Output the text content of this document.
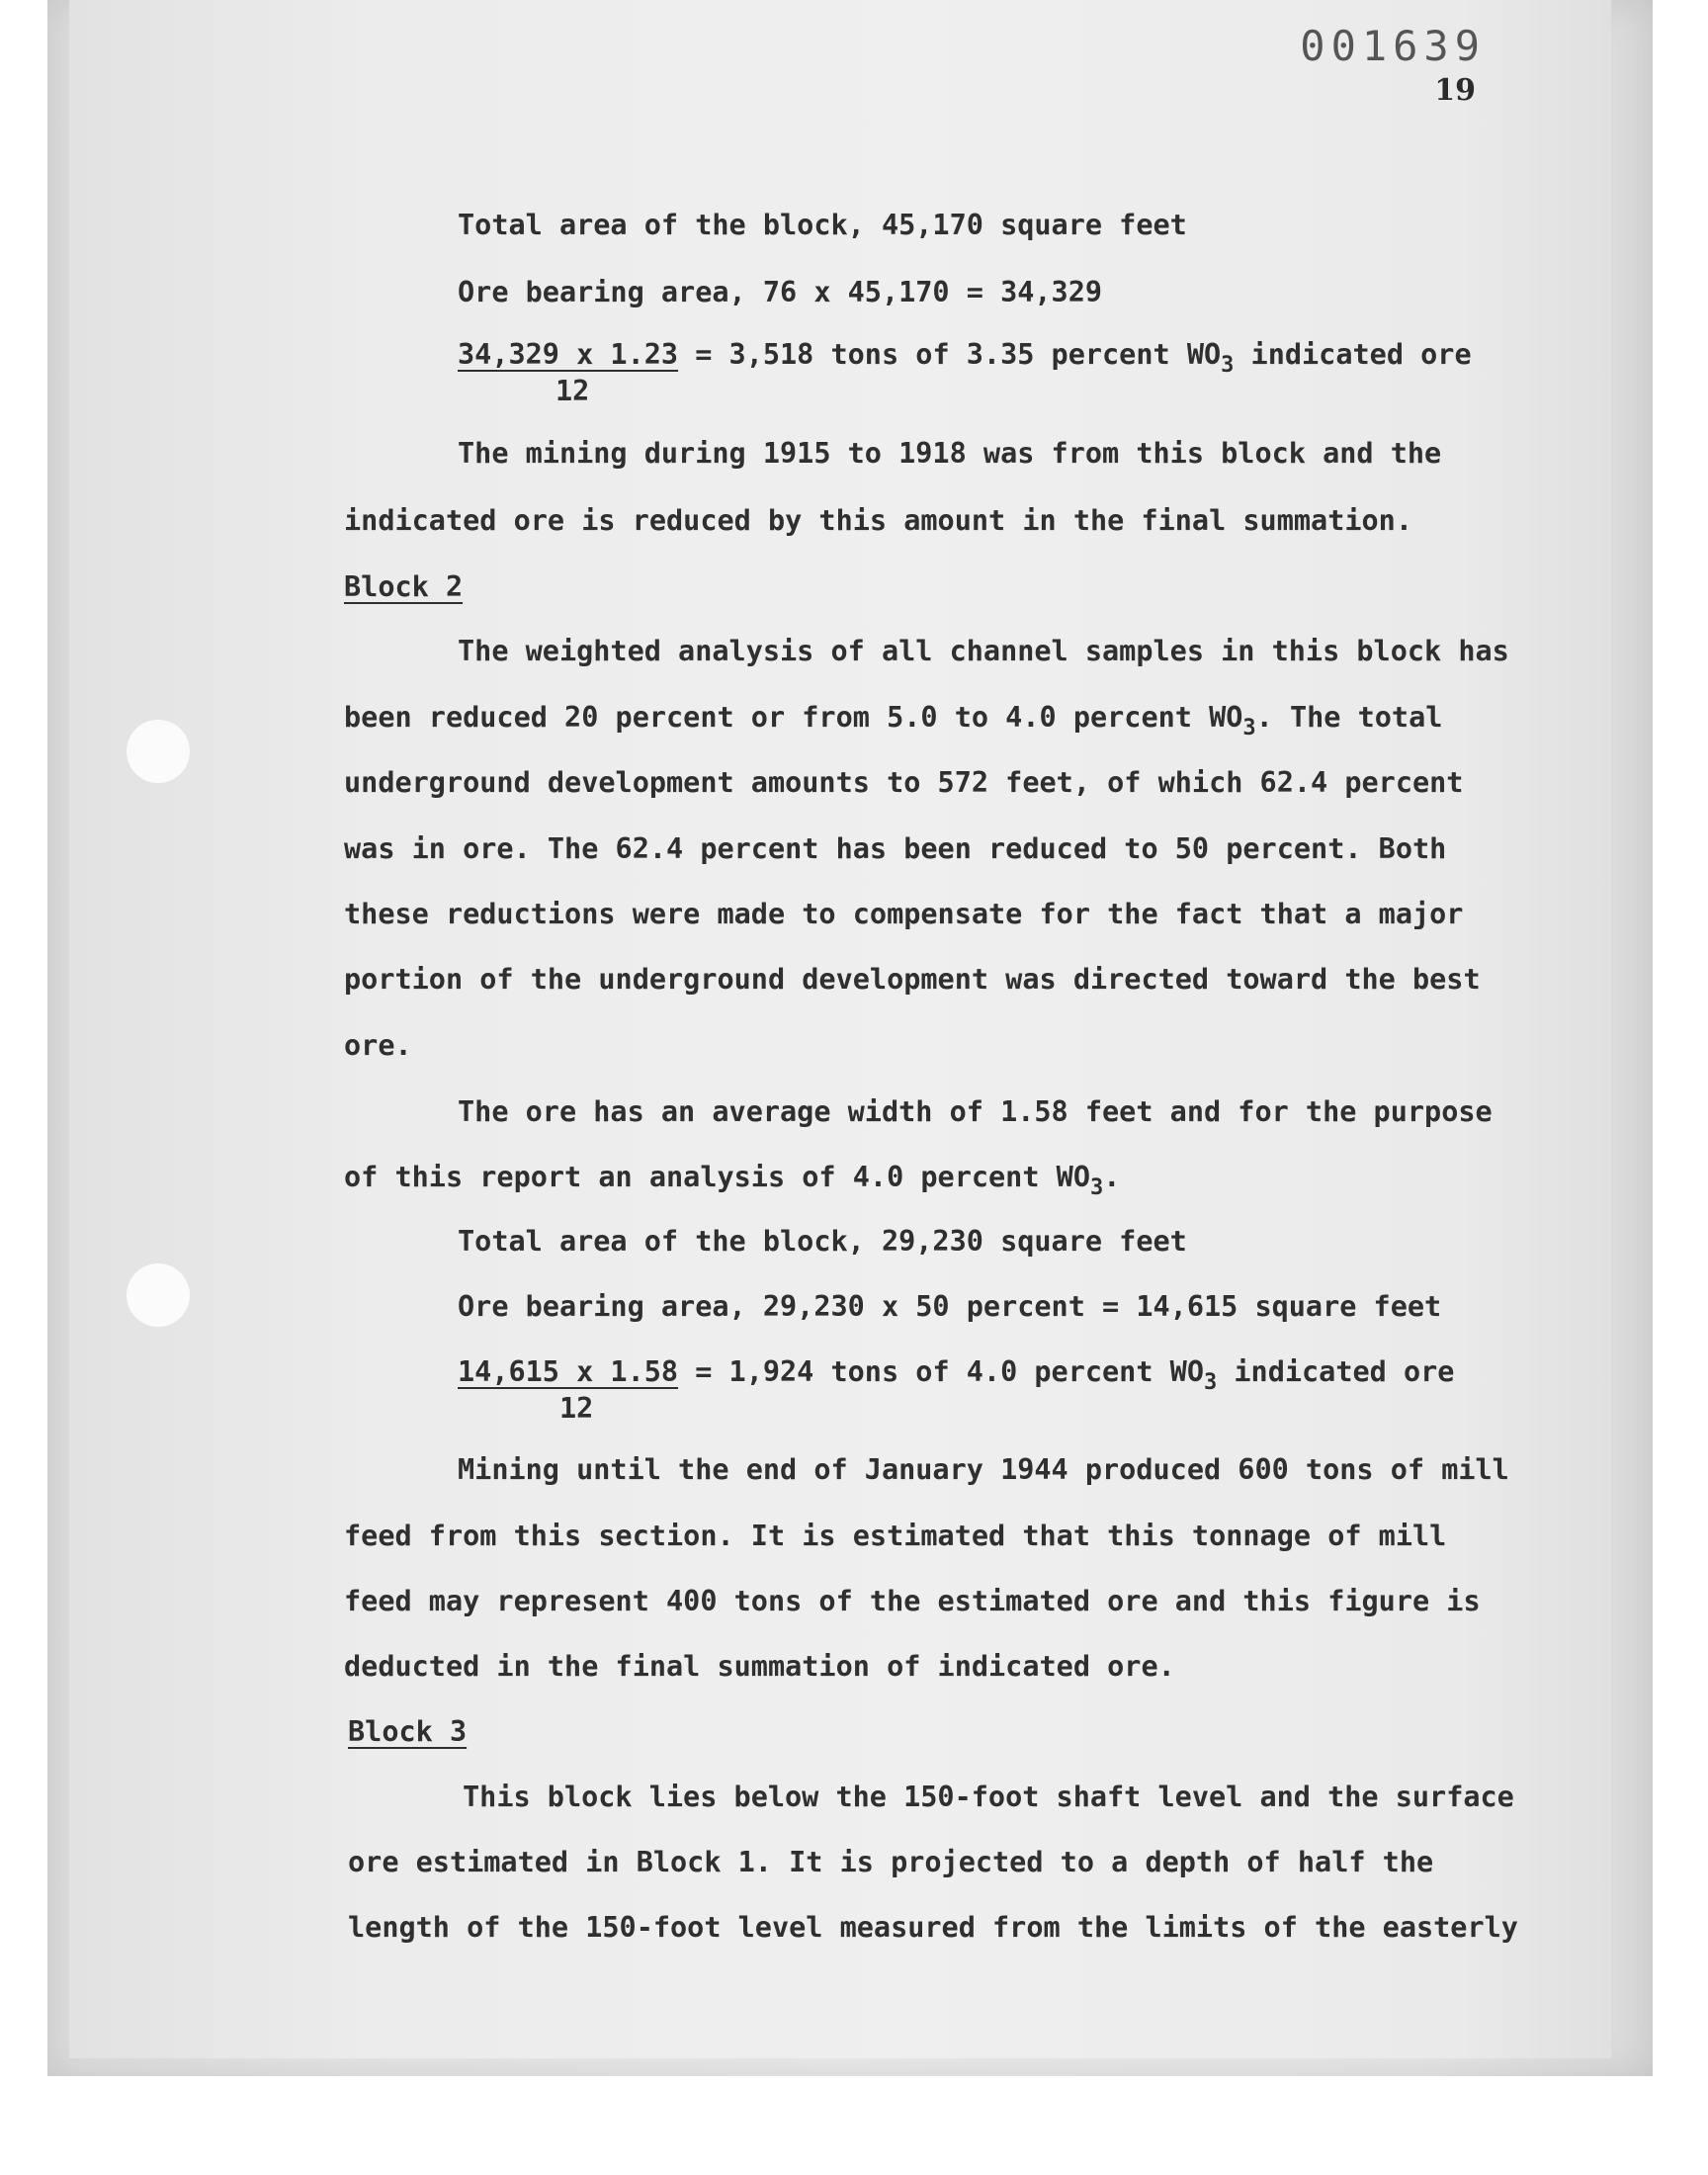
001639
19
Total area of the block, 45,170 square feet
Ore bearing area, 76 x 45,170 = 34,329
34,329 x 1.23 = 3,518 tons of 3.35 percent $WO_3$ indicated ore
12
The mining during 1915 to 1918 was from this block and the
indicated ore is reduced by this amount in the final summation.
Block 2
The weighted analysis of all channel samples in this block has
been reduced 20 percent or from 5.0 to 4.0 percent $WO_3$. The total
underground development amounts to 572 feet, of which 62.4 percent
was in ore. The 62.4 percent has been reduced to 50 percent. Both
these reductions were made to compensate for the fact that a major
portion of the underground development was directed toward the best
ore.
The ore has an average width of 1.58 feet and for the purpose
of this report an analysis of 4.0 percent $WO_3$.
Total area of the block, 29,230 square feet
Ore bearing area, 29,230 x 50 percent = 14,615 square feet
14,615 x 1.58 = 1,924 tons of 4.0 percent $WO_3$ indicated ore
12
Mining until the end of January 1944 produced 600 tons of mill
feed from this section. It is estimated that this tonnage of mill
feed may represent 400 tons of the estimated ore and this figure is
deducted in the final summation of indicated ore.
Block 3
This block lies below the 150-foot shaft level and the surface
ore estimated in Block 1. It is projected to a depth of half the
length of the 150-foot level measured from the limits of the easterly
